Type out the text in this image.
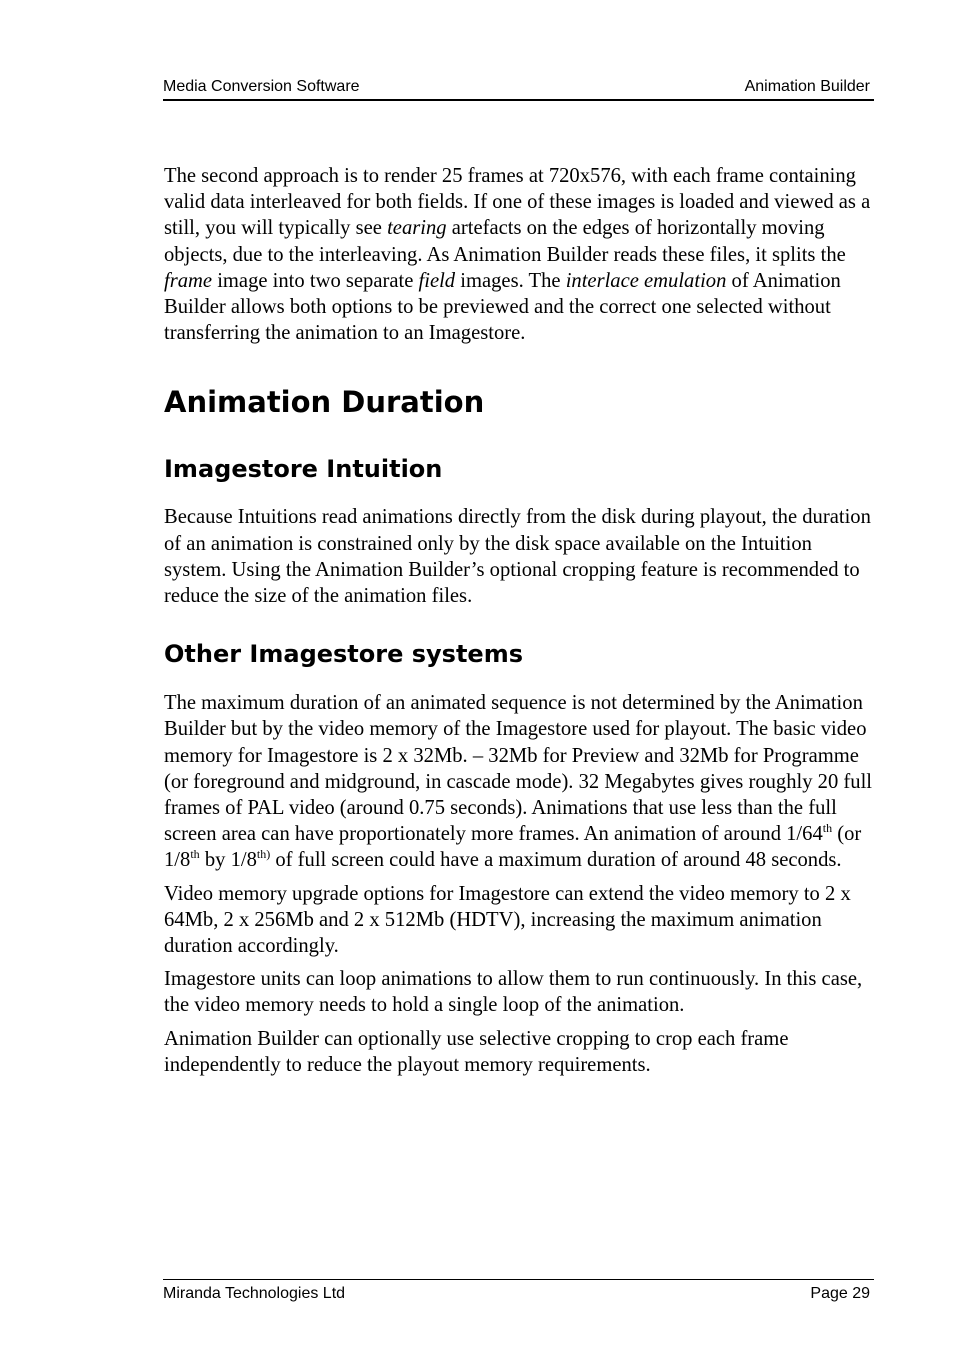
Media Conversion Software	Animation Builder

The second approach is to render 25 frames at 720x576, with each frame containing valid data interleaved for both fields. If one of these images is loaded and viewed as a still, you will typically see tearing artefacts on the edges of horizontally moving objects, due to the interleaving. As Animation Builder reads these files, it splits the frame image into two separate field images. The interlace emulation of Animation Builder allows both options to be previewed and the correct one selected without transferring the animation to an Imagestore.

Animation Duration
Imagestore Intuition

Because Intuitions read animations directly from the disk during playout, the duration of an animation is constrained only by the disk space available on the Intuition system. Using the Animation Builder’s optional cropping feature is recommended to reduce the size of the animation files.

Other Imagestore systems

The maximum duration of an animated sequence is not determined by the Animation Builder but by the video memory of the Imagestore used for playout. The basic video memory for Imagestore is 2 x 32Mb. – 32Mb for Preview and 32Mb for Programme (or foreground and midground, in cascade mode). 32 Megabytes gives roughly 20 full frames of PAL video (around 0.75 seconds). Animations that use less than the full screen area can have proportionately more frames. An animation of around 1/64th (or 1/8th by $1/8^{th)}$ of full screen could have a maximum duration of around 48 seconds.

Video memory upgrade options for Imagestore can extend the video memory to 2 x 64Mb, 2 x 256Mb and 2 x 512Mb (HDTV), increasing the maximum animation duration accordingly.

Imagestore units can loop animations to allow them to run continuously. In this case, the video memory needs to hold a single loop of the animation.

Animation Builder can optionally use selective cropping to crop each frame independently to reduce the playout memory requirements.

Miranda Technologies Ltd	Page 29
